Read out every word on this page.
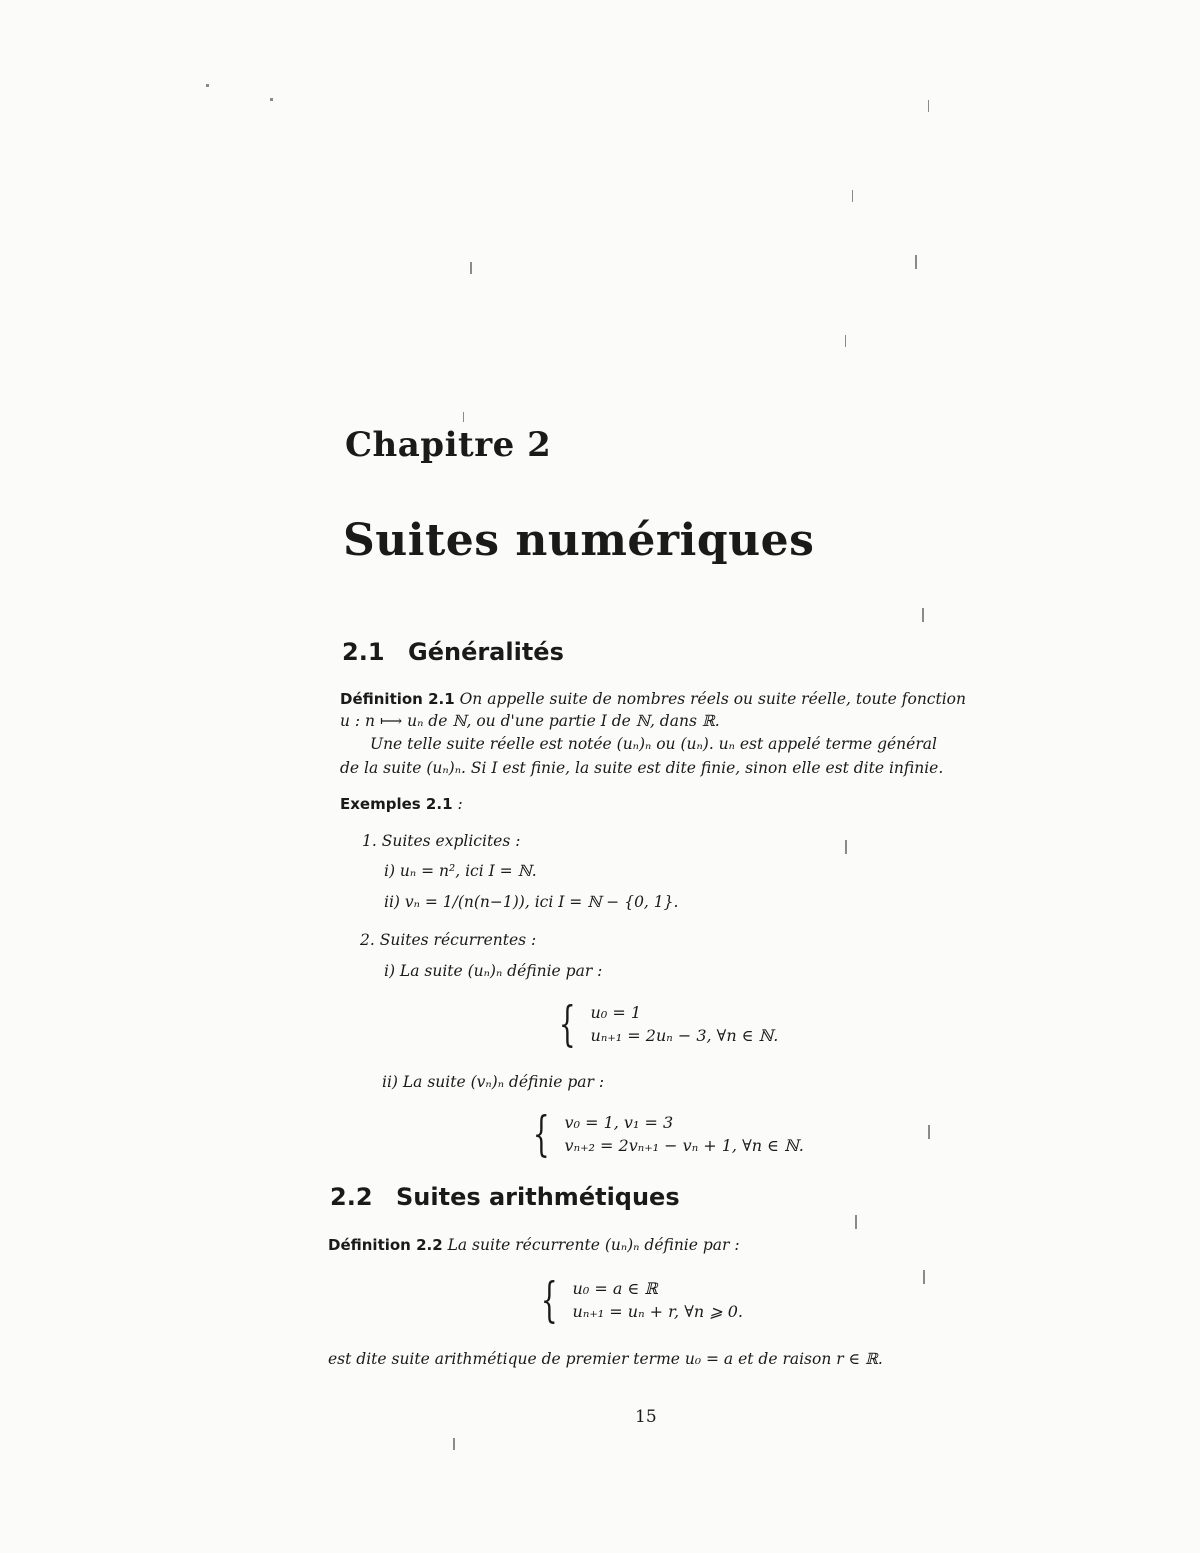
Chapitre 2
Suites numériques
2.1 Généralités
Définition 2.1 On appelle suite de nombres réels ou suite réelle, toute fonction
u : n ⟼ uₙ de ℕ, ou d'une partie I de ℕ, dans ℝ.
Une telle suite réelle est notée (uₙ)ₙ ou (uₙ). uₙ est appelé terme général
de la suite (uₙ)ₙ. Si I est finie, la suite est dite finie, sinon elle est dite infinie.
Exemples 2.1 :
1. Suites explicites :
i) uₙ = n², ici I = ℕ.
ii) vₙ = 1/(n(n−1)), ici I = ℕ − {0, 1}.
2. Suites récurrentes :
i) La suite (uₙ)ₙ définie par :
{ u₀ = 1
uₙ₊₁ = 2uₙ − 3, ∀n ∈ ℕ.
ii) La suite (vₙ)ₙ définie par :
{ v₀ = 1, v₁ = 3
vₙ₊₂ = 2vₙ₊₁ − vₙ + 1, ∀n ∈ ℕ.
2.2 Suites arithmétiques
Définition 2.2 La suite récurrente (uₙ)ₙ définie par :
{ u₀ = a ∈ ℝ
uₙ₊₁ = uₙ + r, ∀n ⩾ 0.
est dite suite arithmétique de premier terme u₀ = a et de raison r ∈ ℝ.
15
